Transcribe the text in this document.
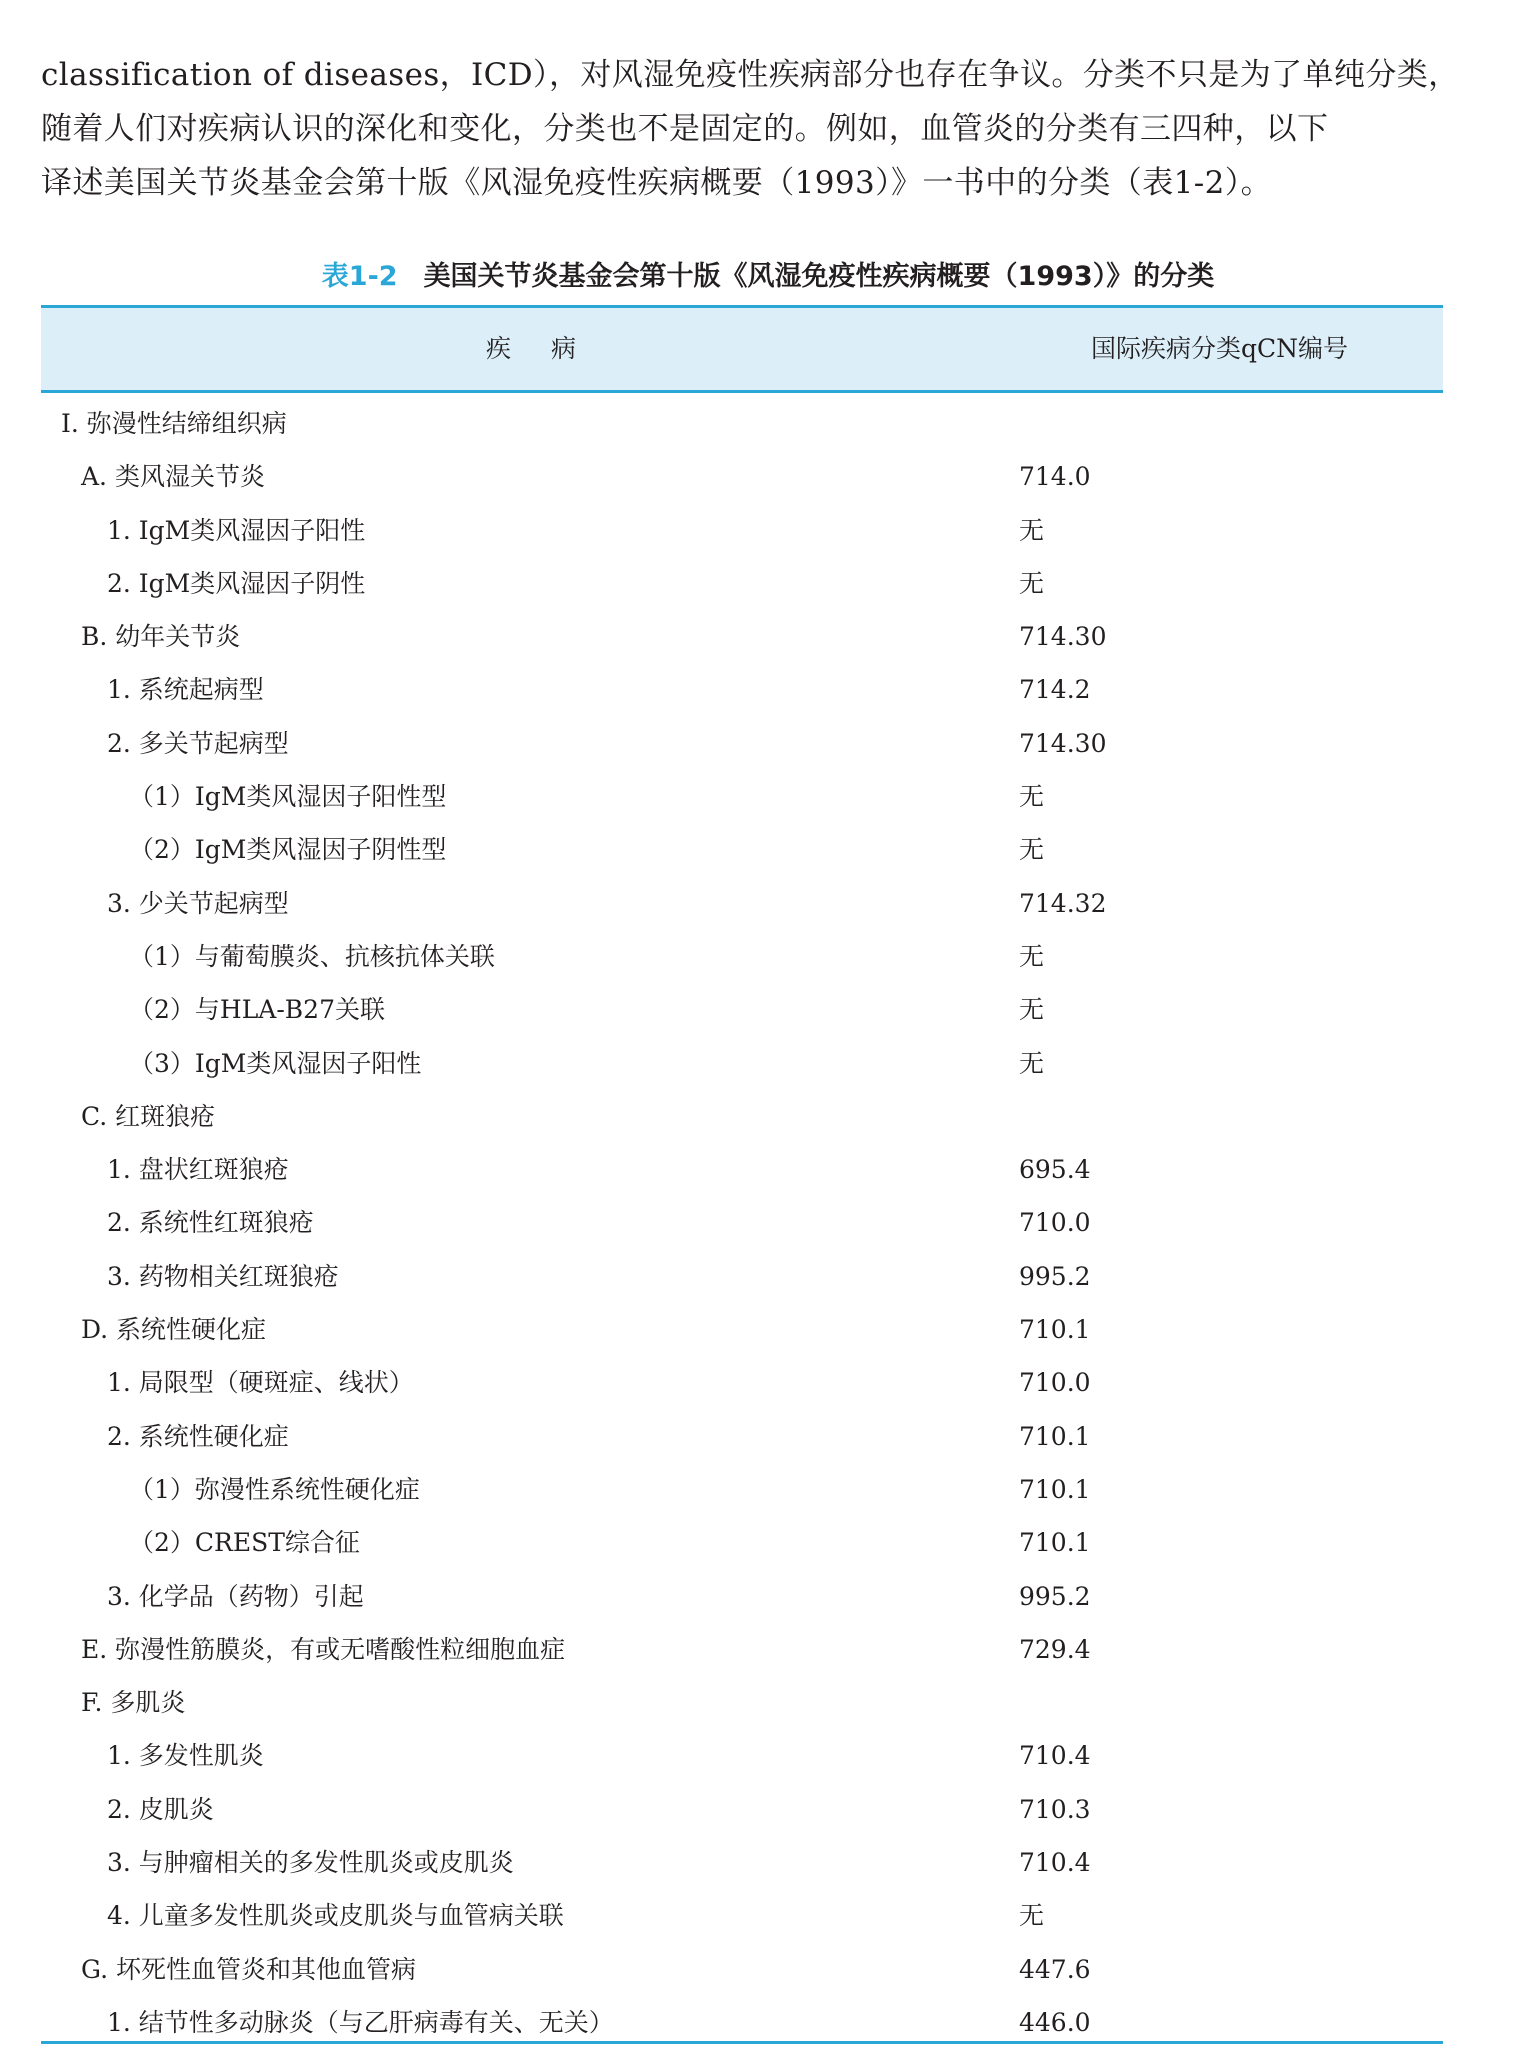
classification of diseases，ICD），对风湿免疫性疾病部分也存在争议。分类不只是为了单纯分类，
随着人们对疾病认识的深化和变化，分类也不是固定的。例如，血管炎的分类有三四种，以下
译述美国关节炎基金会第十版《风湿免疫性疾病概要（1993）》一书中的分类（表1-2）。
表1-2 美国关节炎基金会第十版《风湿免疫性疾病概要（1993）》的分类
疾病	国际疾病分类qCN编号
Ⅰ. 弥漫性结缔组织病
A. 类风湿关节炎	714.0
1. IgM类风湿因子阳性	无
2. IgM类风湿因子阴性	无
B. 幼年关节炎	714.30
1. 系统起病型	714.2
2. 多关节起病型	714.30
（1）IgM类风湿因子阳性型	无
（2）IgM类风湿因子阴性型	无
3. 少关节起病型	714.32
（1）与葡萄膜炎、抗核抗体关联	无
（2）与HLA-B27关联	无
（3）IgM类风湿因子阳性	无
C. 红斑狼疮
1. 盘状红斑狼疮	695.4
2. 系统性红斑狼疮	710.0
3. 药物相关红斑狼疮	995.2
D. 系统性硬化症	710.1
1. 局限型（硬斑症、线状）	710.0
2. 系统性硬化症	710.1
（1）弥漫性系统性硬化症	710.1
（2）CREST综合征	710.1
3. 化学品（药物）引起	995.2
E. 弥漫性筋膜炎，有或无嗜酸性粒细胞血症	729.4
F. 多肌炎
1. 多发性肌炎	710.4
2. 皮肌炎	710.3
3. 与肿瘤相关的多发性肌炎或皮肌炎	710.4
4. 儿童多发性肌炎或皮肌炎与血管病关联	无
G. 坏死性血管炎和其他血管病	447.6
1. 结节性多动脉炎（与乙肝病毒有关、无关）	446.0
